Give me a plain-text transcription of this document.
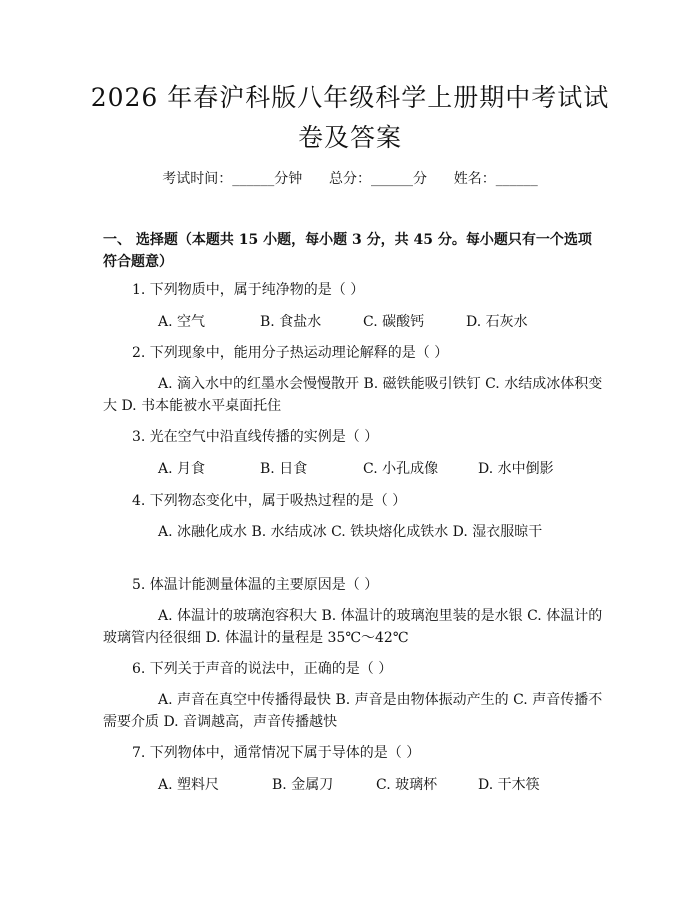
2026 年春沪科版八年级科学上册期中考试试
卷及答案
考试时间：______分钟      总分：______分      姓名：______
一、 选择题（本题共 15 小题，每小题 3 分，共 45 分。每小题只有一个选项符合题意）
1. 下列物质中，属于纯净物的是（ ）
A. 空气	B. 食盐水	C. 碳酸钙	D. 石灰水
2. 下列现象中，能用分子热运动理论解释的是（ ）
A. 滴入水中的红墨水会慢慢散开 B. 磁铁能吸引铁钉 C. 水结成冰体积变大 D. 书本能被水平桌面托住
3. 光在空气中沿直线传播的实例是（ ）
A. 月食	B. 日食	C. 小孔成像	D. 水中倒影
4. 下列物态变化中，属于吸热过程的是（ ）
A. 冰融化成水 B. 水结成冰 C. 铁块熔化成铁水 D. 湿衣服晾干
5. 体温计能测量体温的主要原因是（ ）
A. 体温计的玻璃泡容积大 B. 体温计的玻璃泡里装的是水银 C. 体温计的玻璃管内径很细 D. 体温计的量程是 35℃～42℃
6. 下列关于声音的说法中，正确的是（ ）
A. 声音在真空中传播得最快 B. 声音是由物体振动产生的 C. 声音传播不需要介质 D. 音调越高，声音传播越快
7. 下列物体中，通常情况下属于导体的是（ ）
A. 塑料尺	B. 金属刀	C. 玻璃杯	D. 干木筷
